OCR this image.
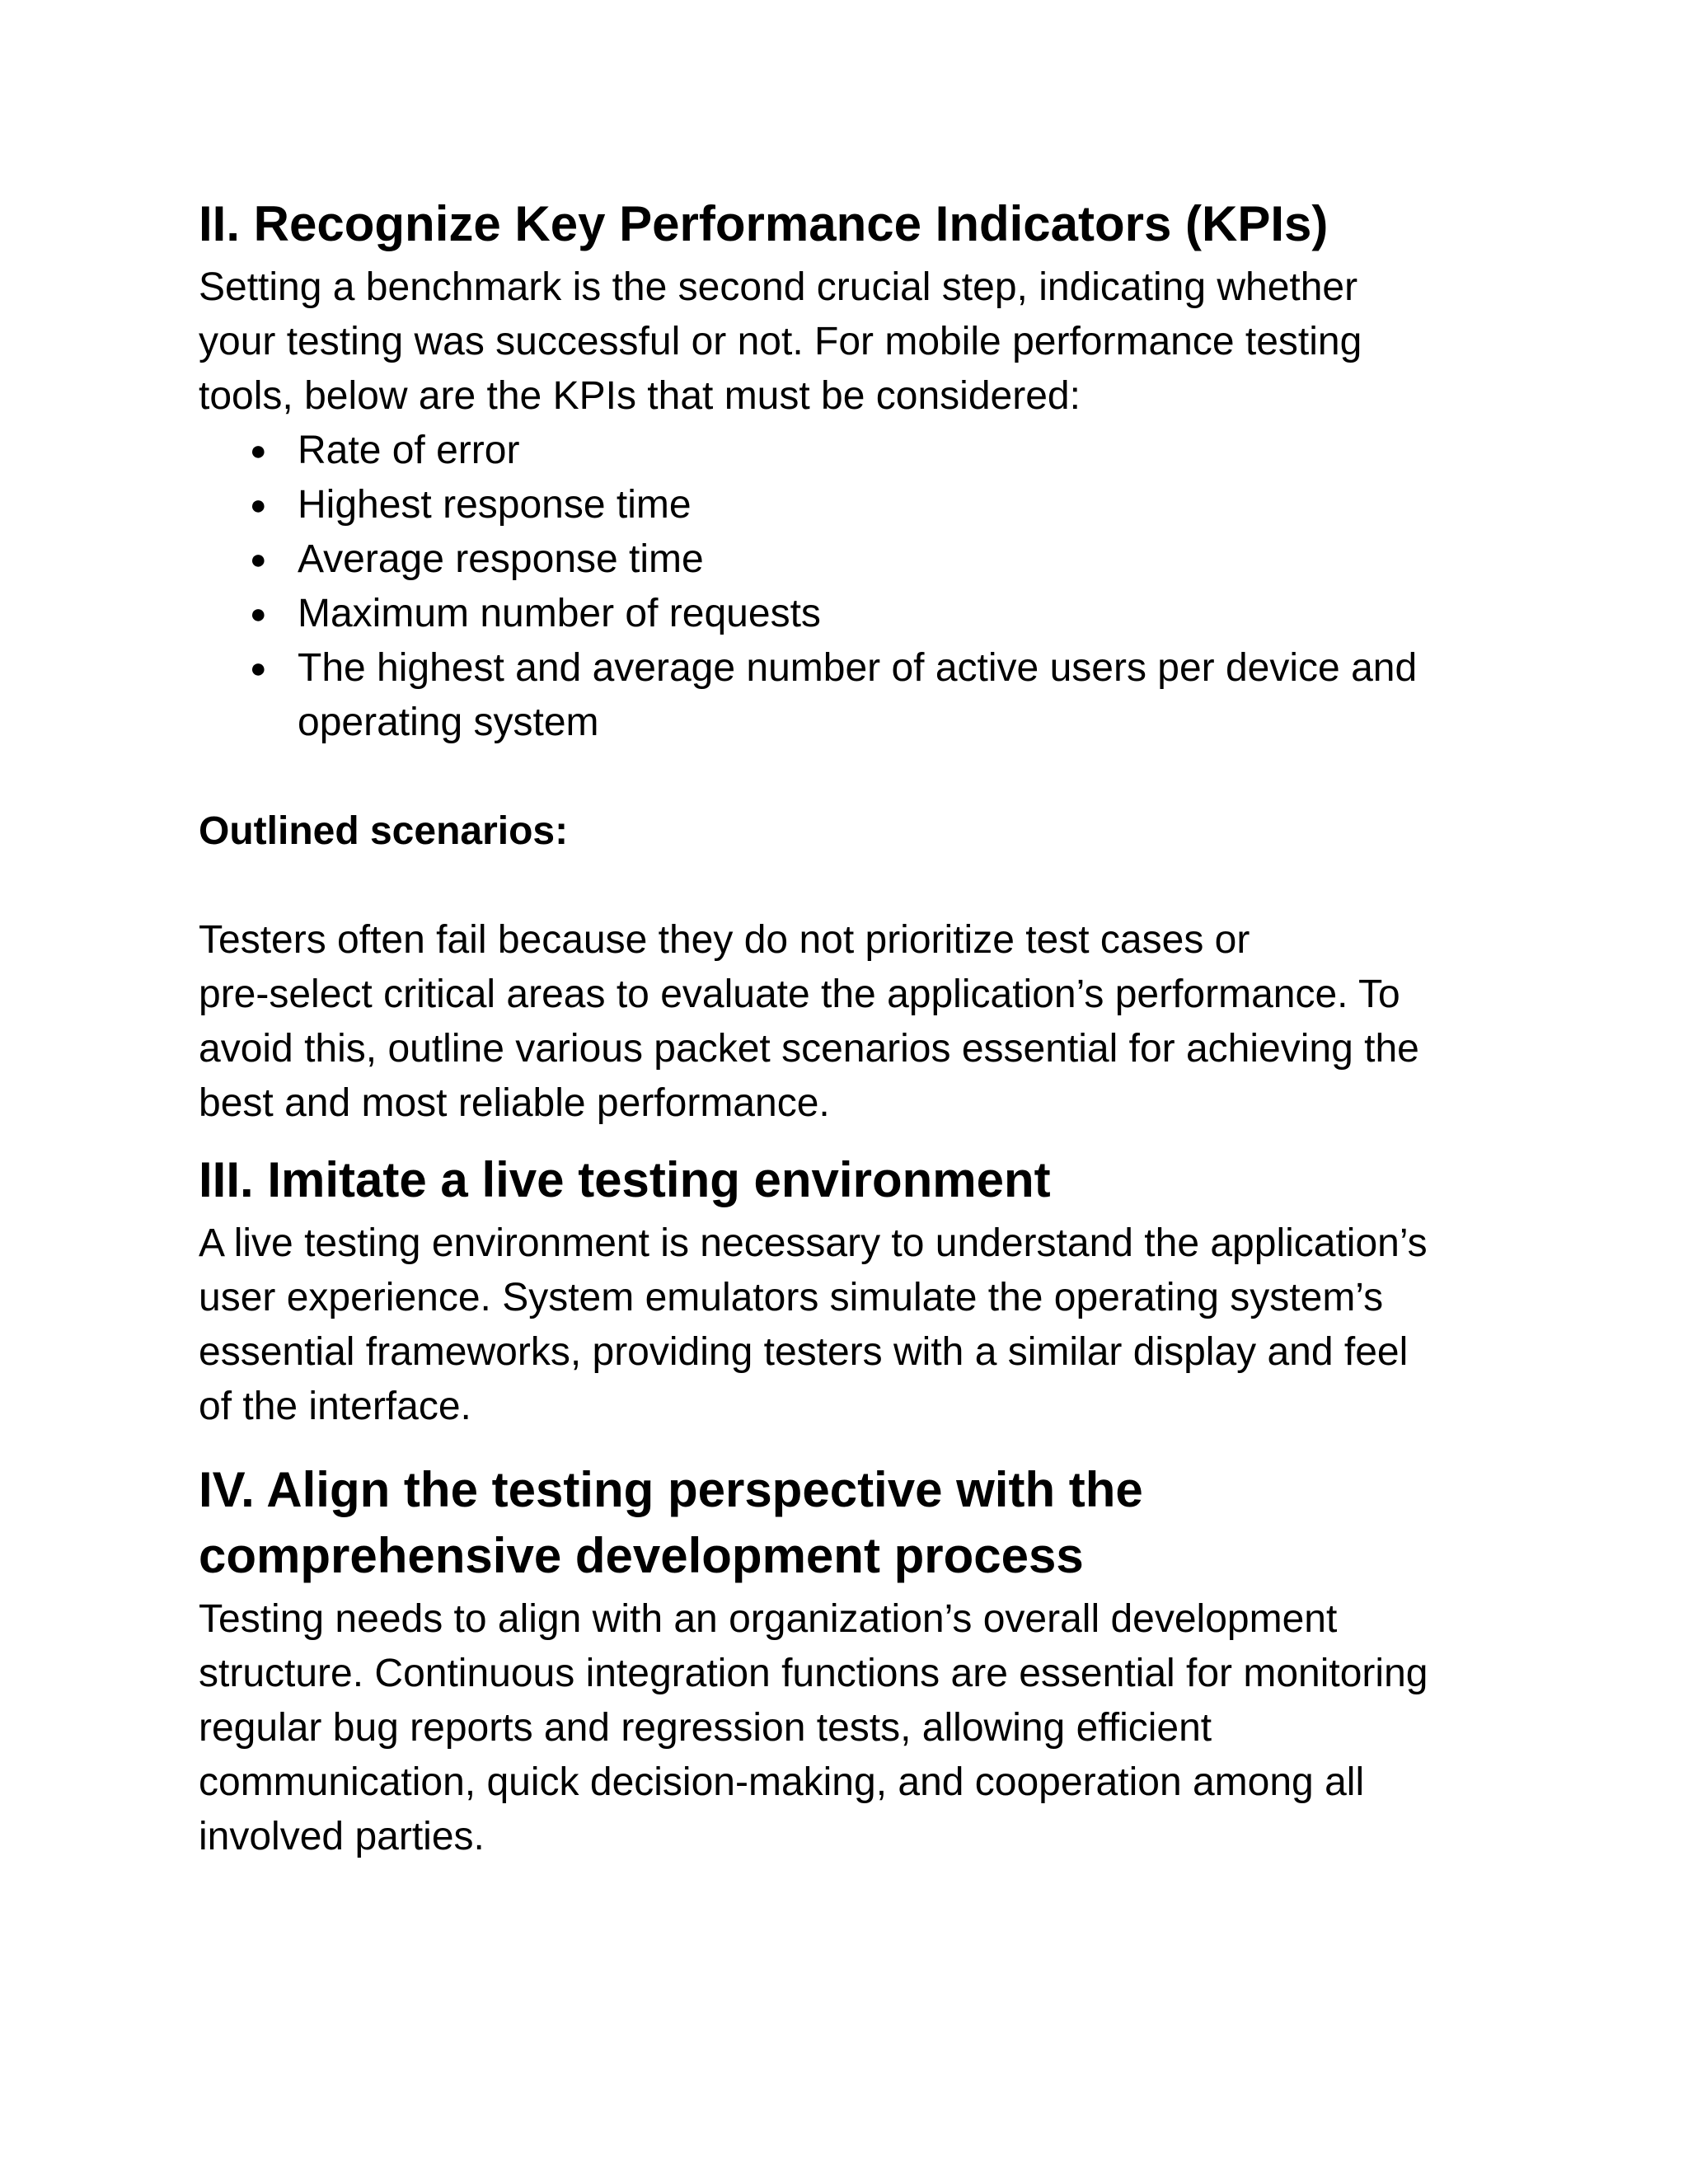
II. Recognize Key Performance Indicators (KPIs)

Setting a benchmark is the second crucial step, indicating whether
your testing was successful or not. For mobile performance testing
tools, below are the KPIs that must be considered:

● Rate of error
● Highest response time
● Average response time
● Maximum number of requests
● The highest and average number of active users per device and
operating system

Outlined scenarios:

Testers often fail because they do not prioritize test cases or
pre-select critical areas to evaluate the application’s performance. To
avoid this, outline various packet scenarios essential for achieving the
best and most reliable performance.

III. Imitate a live testing environment

A live testing environment is necessary to understand the application’s
user experience. System emulators simulate the operating system’s
essential frameworks, providing testers with a similar display and feel
of the interface.

IV. Align the testing perspective with the
comprehensive development process

Testing needs to align with an organization’s overall development
structure. Continuous integration functions are essential for monitoring
regular bug reports and regression tests, allowing efficient
communication, quick decision-making, and cooperation among all
involved parties.
